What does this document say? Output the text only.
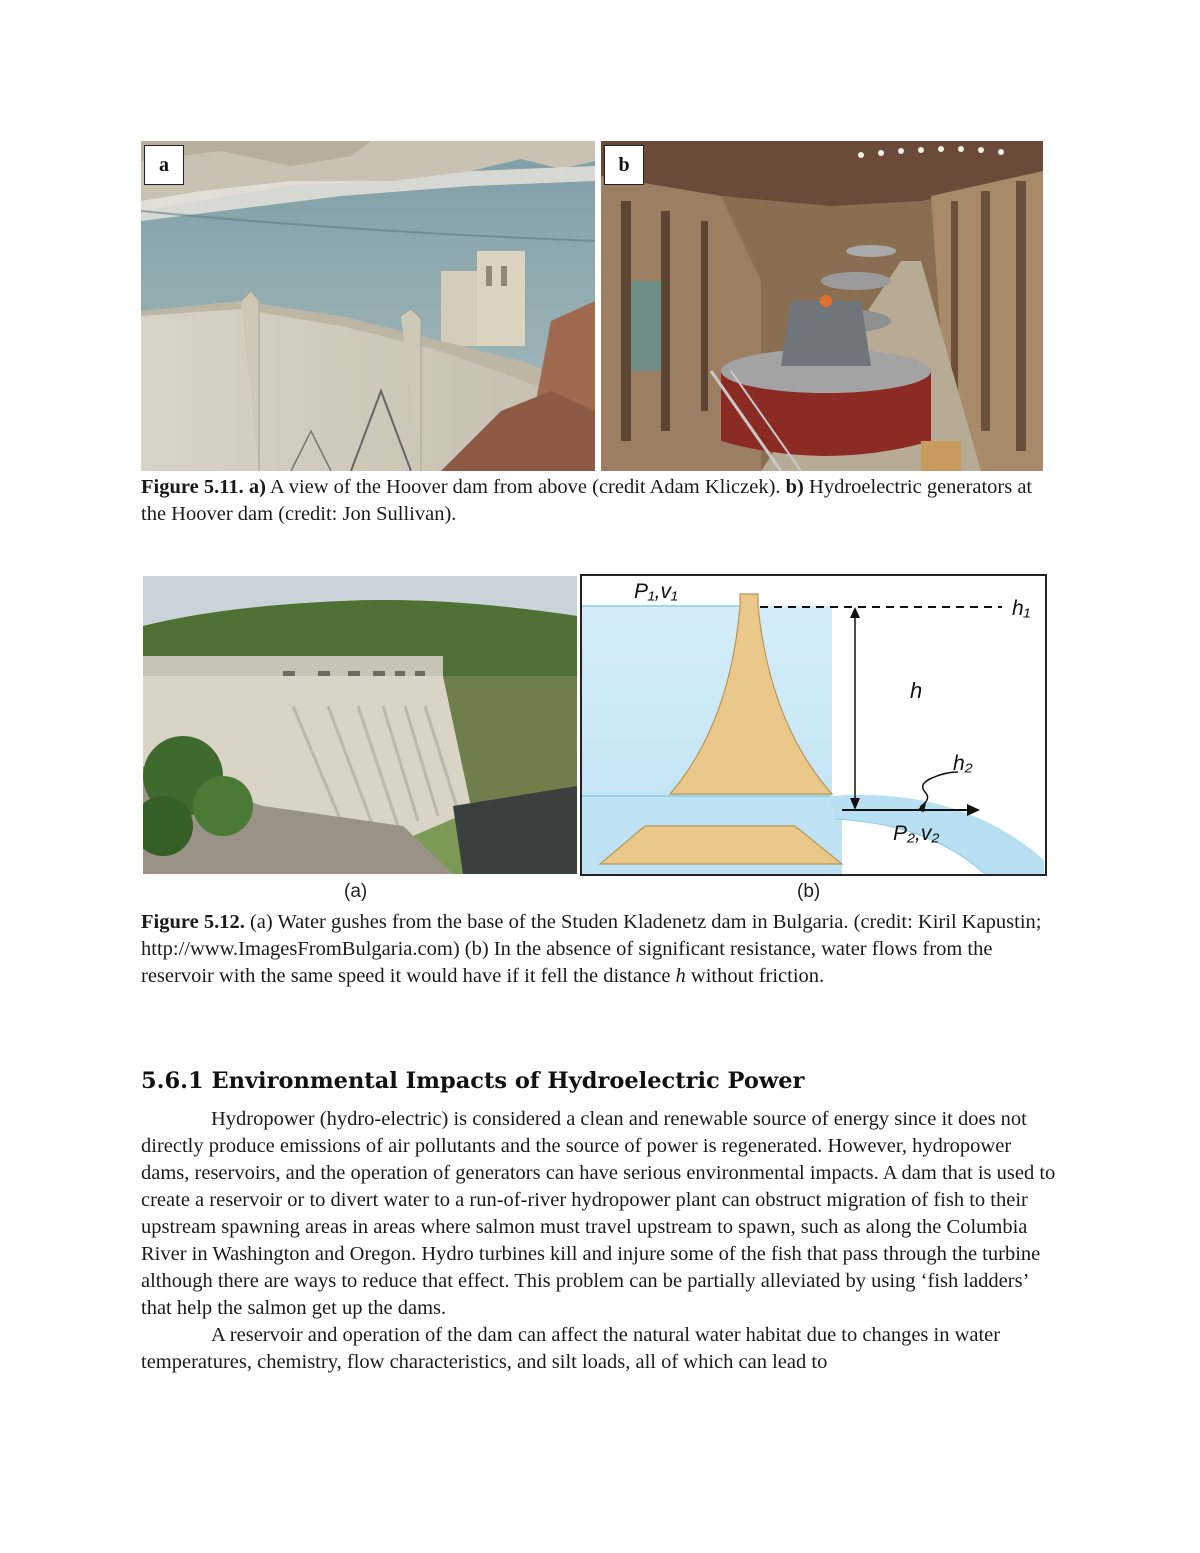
a	b
Figure 5.11. a) A view of the Hoover dam from above (credit Adam Kliczek). b) Hydroelectric generators at the Hoover dam (credit: Jon Sullivan).
P₁,v₁
h₁
h
h₂
P₂,v₂
(a)	(b)
Figure 5.12. (a) Water gushes from the base of the Studen Kladenetz dam in Bulgaria. (credit: Kiril Kapustin; http://www.ImagesFromBulgaria.com) (b) In the absence of significant resistance, water flows from the reservoir with the same speed it would have if it fell the distance h without friction.
5.6.1 Environmental Impacts of Hydroelectric Power

Hydropower (hydro-electric) is considered a clean and renewable source of energy since it does not directly produce emissions of air pollutants and the source of power is regenerated. However, hydropower dams, reservoirs, and the operation of generators can have serious environmental impacts. A dam that is used to create a reservoir or to divert water to a run-of-river hydropower plant can obstruct migration of fish to their upstream spawning areas in areas where salmon must travel upstream to spawn, such as along the Columbia River in Washington and Oregon. Hydro turbines kill and injure some of the fish that pass through the turbine although there are ways to reduce that effect. This problem can be partially alleviated by using ‘fish ladders’ that help the salmon get up the dams.

A reservoir and operation of the dam can affect the natural water habitat due to changes in water temperatures, chemistry, flow characteristics, and silt loads, all of which can lead to
